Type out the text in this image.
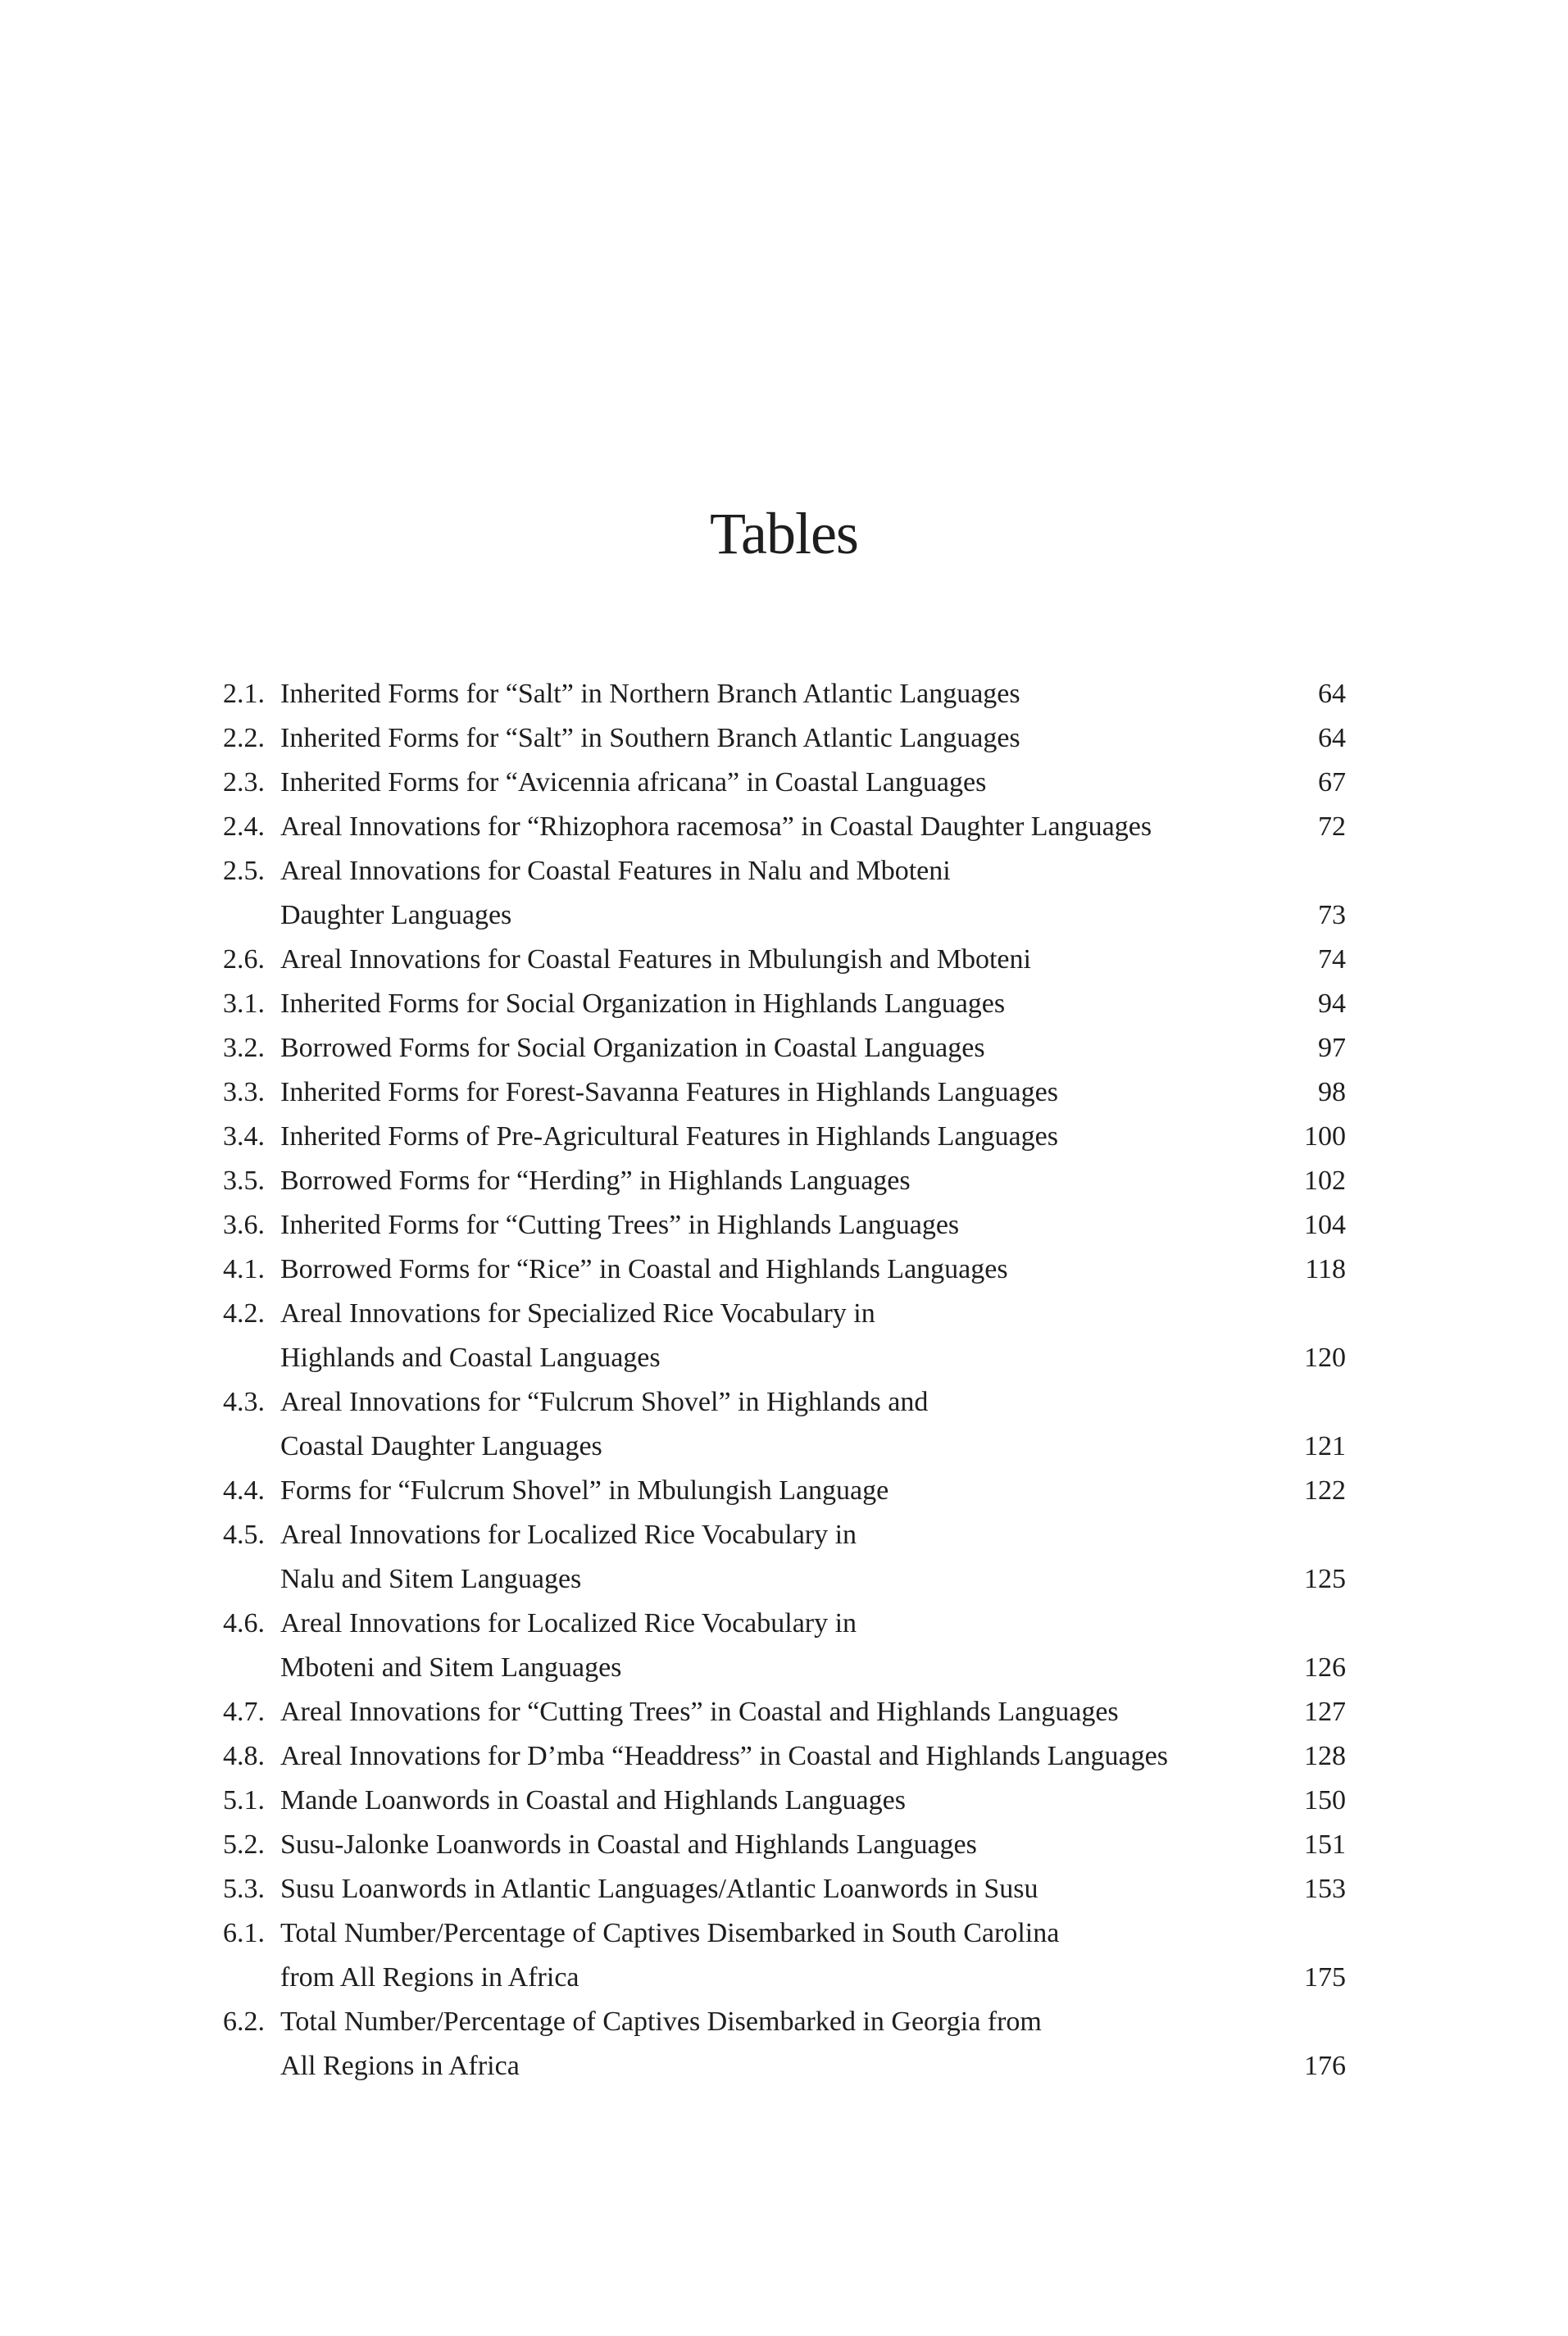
Tables
2.1. Inherited Forms for “Salt” in Northern Branch Atlantic Languages	64
2.2. Inherited Forms for “Salt” in Southern Branch Atlantic Languages	64
2.3. Inherited Forms for “Avicennia africana” in Coastal Languages	67
2.4. Areal Innovations for “Rhizophora racemosa” in Coastal Daughter Languages	72
2.5. Areal Innovations for Coastal Features in Nalu and Mboteni
Daughter Languages	73
2.6. Areal Innovations for Coastal Features in Mbulungish and Mboteni	74
3.1. Inherited Forms for Social Organization in Highlands Languages	94
3.2. Borrowed Forms for Social Organization in Coastal Languages	97
3.3. Inherited Forms for Forest-Savanna Features in Highlands Languages	98
3.4. Inherited Forms of Pre-Agricultural Features in Highlands Languages	100
3.5. Borrowed Forms for “Herding” in Highlands Languages	102
3.6. Inherited Forms for “Cutting Trees” in Highlands Languages	104
4.1. Borrowed Forms for “Rice” in Coastal and Highlands Languages	118
4.2. Areal Innovations for Specialized Rice Vocabulary in
Highlands and Coastal Languages	120
4.3. Areal Innovations for “Fulcrum Shovel” in Highlands and
Coastal Daughter Languages	121
4.4. Forms for “Fulcrum Shovel” in Mbulungish Language	122
4.5. Areal Innovations for Localized Rice Vocabulary in
Nalu and Sitem Languages	125
4.6. Areal Innovations for Localized Rice Vocabulary in
Mboteni and Sitem Languages	126
4.7. Areal Innovations for “Cutting Trees” in Coastal and Highlands Languages	127
4.8. Areal Innovations for D’mba “Headdress” in Coastal and Highlands Languages	128
5.1. Mande Loanwords in Coastal and Highlands Languages	150
5.2. Susu-Jalonke Loanwords in Coastal and Highlands Languages	151
5.3. Susu Loanwords in Atlantic Languages/Atlantic Loanwords in Susu	153
6.1. Total Number/Percentage of Captives Disembarked in South Carolina
from All Regions in Africa	175
6.2. Total Number/Percentage of Captives Disembarked in Georgia from
All Regions in Africa	176
